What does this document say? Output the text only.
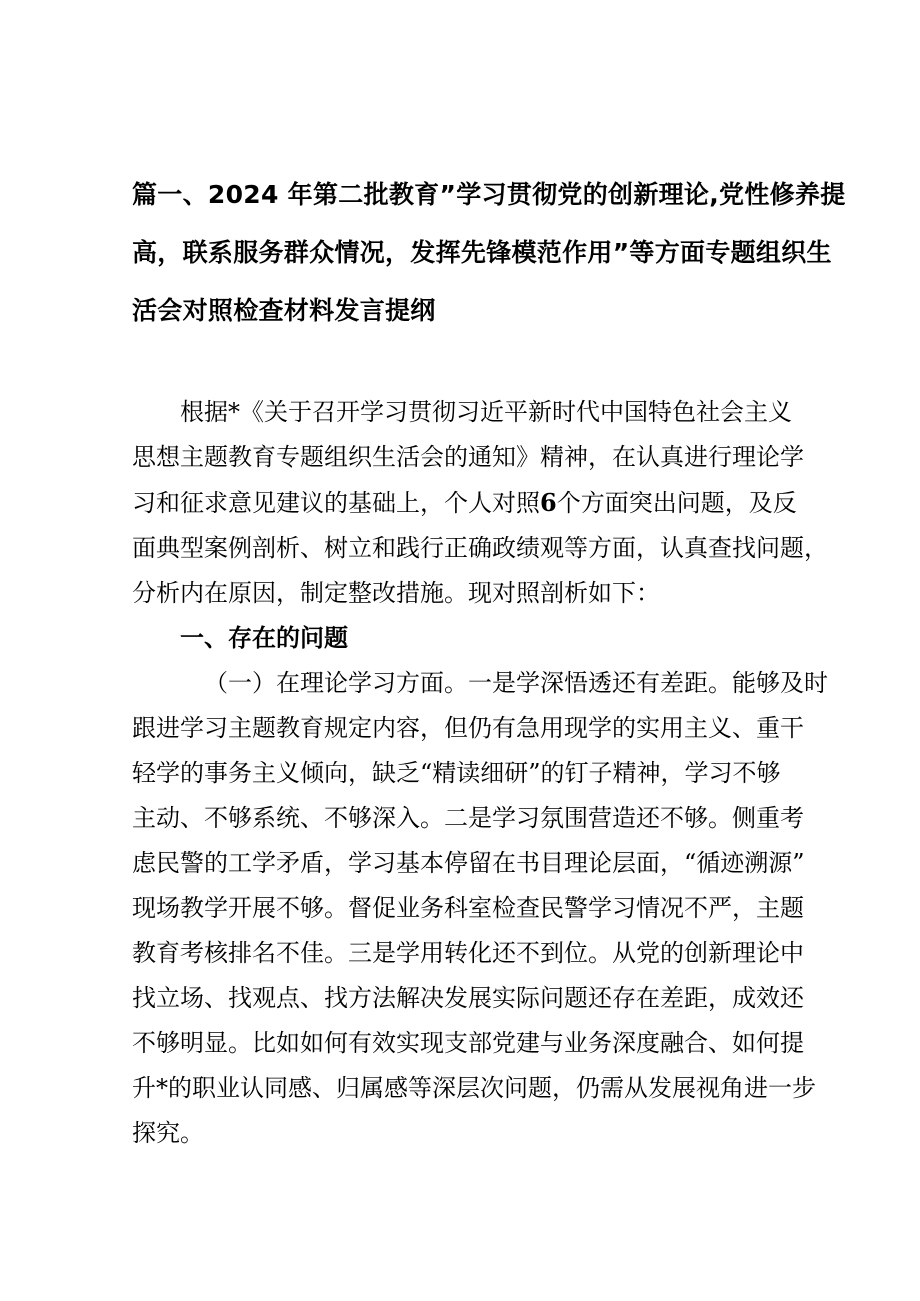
篇一、2024 年第二批教育”学习贯彻党的创新理论,党性修养提
高，联系服务群众情况，发挥先锋模范作用”等方面专题组织生
活会对照检查材料发言提纲
根据*《关于召开学习贯彻习近平新时代中国特色社会主义
思想主题教育专题组织生活会的通知》精神，在认真进行理论学
习和征求意见建议的基础上，个人对照6个方面突出问题，及反
面典型案例剖析、树立和践行正确政绩观等方面，认真查找问题，
分析内在原因，制定整改措施。现对照剖析如下：
一、存在的问题
（一）在理论学习方面。一是学深悟透还有差距。能够及时
跟进学习主题教育规定内容，但仍有急用现学的实用主义、重干
轻学的事务主义倾向，缺乏“精读细研”的钉子精神，学习不够
主动、不够系统、不够深入。二是学习氛围营造还不够。侧重考
虑民警的工学矛盾，学习基本停留在书目理论层面，“循迹溯源”
现场教学开展不够。督促业务科室检查民警学习情况不严，主题
教育考核排名不佳。三是学用转化还不到位。从党的创新理论中
找立场、找观点、找方法解决发展实际问题还存在差距，成效还
不够明显。比如如何有效实现支部党建与业务深度融合、如何提
升*的职业认同感、归属感等深层次问题，仍需从发展视角进一步
探究。
